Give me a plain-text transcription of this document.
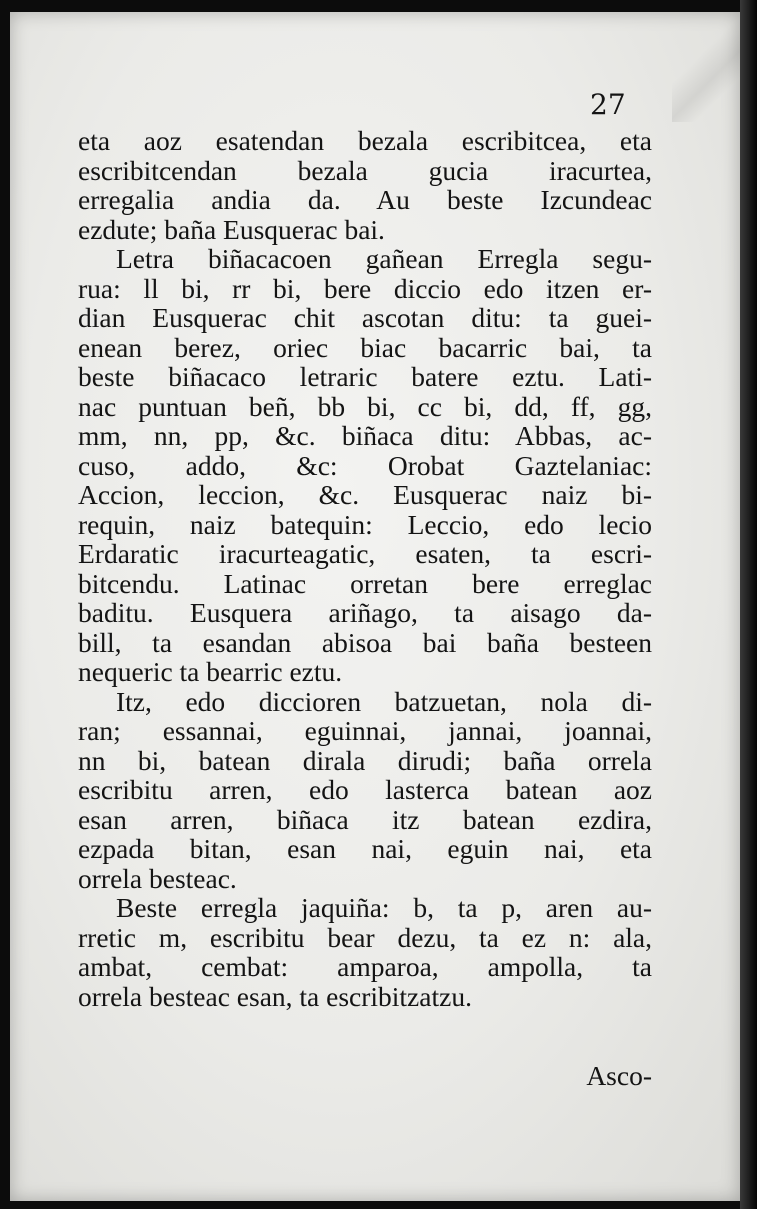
27
eta aoz esatendan bezala escribitcea, eta
escribitcendan bezala gucia iracurtea,
erregalia andia da. Au beste Izcundeac
ezdute; baña Eusquerac bai.
Letra biñacacoen gañean Erregla segu-
rua: ll bi, rr bi, bere diccio edo itzen er-
dian Eusquerac chit ascotan ditu: ta guei-
enean berez, oriec biac bacarric bai, ta
beste biñacaco letraric batere eztu. Lati-
nac puntuan beñ, bb bi, cc bi, dd, ff, gg,
mm, nn, pp, &c. biñaca ditu: Abbas, ac-
cuso, addo, &c: Orobat Gaztelaniac:
Accion, leccion, &c. Eusquerac naiz bi-
requin, naiz batequin: Leccio, edo lecio
Erdaratic iracurteagatic, esaten, ta escri-
bitcendu. Latinac orretan bere erreglac
baditu. Eusquera ariñago, ta aisago da-
bill, ta esandan abisoa bai baña besteen
nequeric ta bearric eztu.
Itz, edo diccioren batzuetan, nola di-
ran; essannai, eguinnai, jannai, joannai,
nn bi, batean dirala dirudi; baña orrela
escribitu arren, edo lasterca batean aoz
esan arren, biñaca itz batean ezdira,
ezpada bitan, esan nai, eguin nai, eta
orrela besteac.
Beste erregla jaquiña: b, ta p, aren au-
rretic m, escribitu bear dezu, ta ez n: ala,
ambat, cembat: amparoa, ampolla, ta
orrela besteac esan, ta escribitzatzu.
Asco-
